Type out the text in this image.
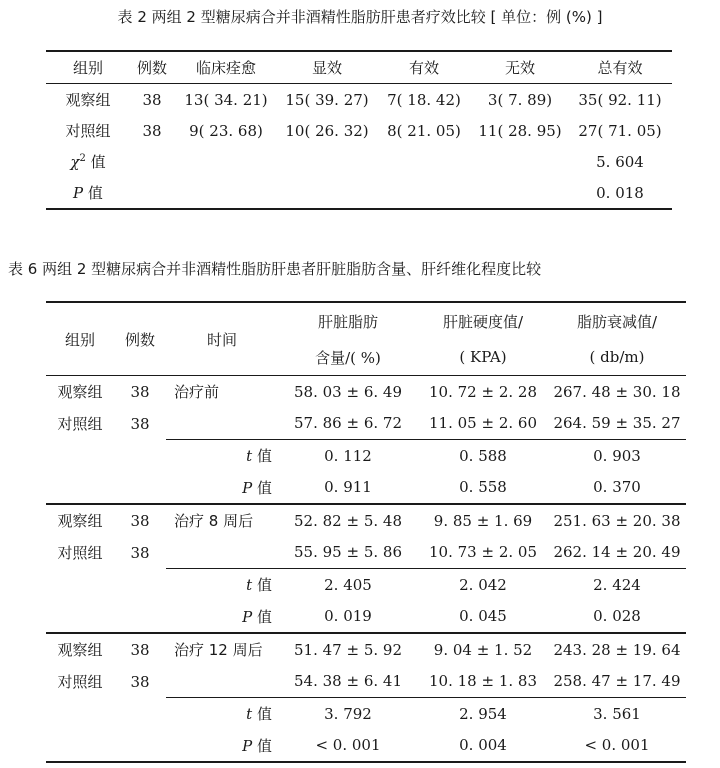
表 2 两组 2 型糖尿病合并非酒精性脂肪肝患者疗效比较 [ 单位：例 (%) ]
组别	例数	临床痊愈	显效	有效	无效	总有效
观察组	38	13( 34. 21)	15( 39. 27)	7( 18. 42)	3( 7. 89)	35( 92. 11)
对照组	38	9( 23. 68)	10( 26. 32)	8( 21. 05)	11( 28. 95)	27( 71. 05)
$\chi^2$ 值						5. 604
P 值						0. 018
表 6 两组 2 型糖尿病合并非酒精性脂肪肝患者肝脏脂肪含量、肝纤维化程度比较
组别	例数	时间	肝脏脂肪	肝脏硬度值/	脂肪衰减值/
			含量/( %)	( KPA)	( db/m)
观察组	38	治疗前	58. 03 ± 6. 49	10. 72 ± 2. 28	267. 48 ± 30. 18
对照组	38		57. 86 ± 6. 72	11. 05 ± 2. 60	264. 59 ± 35. 27
		t 值	0. 112	0. 588	0. 903
		P 值	0. 911	0. 558	0. 370
观察组	38	治疗 8 周后	52. 82 ± 5. 48	9. 85 ± 1. 69	251. 63 ± 20. 38
对照组	38		55. 95 ± 5. 86	10. 73 ± 2. 05	262. 14 ± 20. 49
		t 值	2. 405	2. 042	2. 424
		P 值	0. 019	0. 045	0. 028
观察组	38	治疗 12 周后	51. 47 ± 5. 92	9. 04 ± 1. 52	243. 28 ± 19. 64
对照组	38		54. 38 ± 6. 41	10. 18 ± 1. 83	258. 47 ± 17. 49
		t 值	3. 792	2. 954	3. 561
		P 值	< 0. 001	0. 004	< 0. 001
